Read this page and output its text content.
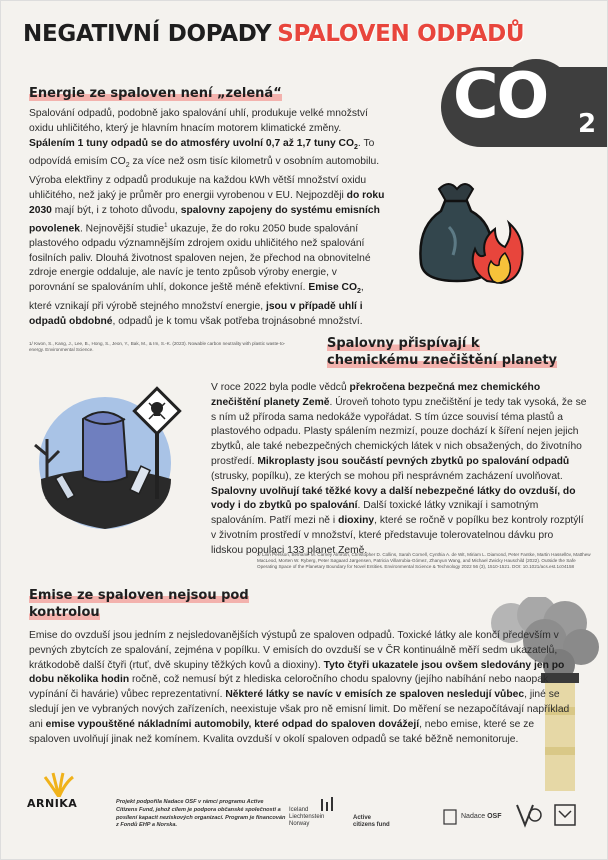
NEGATIVNÍ DOPADY SPALOVEN ODPADŮ
CO 2
Energie ze spaloven není „zelená“
Spalování odpadů, podobně jako spalování uhlí, produkuje velké množství oxidu uhličitého, který je hlavním hnacím motorem klimatické změny. Spálením 1 tuny odpadů se do atmosféry uvolní 0,7 až 1,7 tuny $CO_2$. To odpovídá emisím $CO_2$ za více než osm tisíc kilometrů v osobním automobilu. Výroba elektřiny z odpadů produkuje na každou kWh větší množství oxidu uhličitého, než jaký je průměr pro energii vyrobenou v EU. Nejpozději do roku 2030 mají být, i z tohoto důvodu, spalovny zapojeny do systému emisních povolenek. Nejnovější studie$^1$ ukazuje, že do roku 2050 bude spalování plastového odpadu významnějším zdrojem oxidu uhličitého než spalování fosilních paliv. Dlouhá životnost spaloven nejen, že přechod na obnovitelné zdroje energie oddaluje, ale navíc je tento způsob výroby energie, v porovnání se spalováním uhlí, dokonce ještě méně efektivní. Emise $CO_2$, které vznikají při výrobě stejného množství energie, jsou v případě uhlí i odpadů obdobné, odpadů je k tomu však potřeba trojnásobné množství.
1/ Kwon, S., Kang, J., Lee, B., Hong, S., Jeon, Y., Bak, M., & Im, S.-K. (2023). Nowable carbon neutrality with plastic waste-to-energy. Environmental Science.	Spalovny přispívají k
chemickému znečištění planety
V roce 2022 byla podle vědců překročena bezpečná mez chemického znečištění planety Země. Úroveň tohoto typu znečištění je tedy tak vysoká, že se s ním už příroda sama nedokáže vypořádat. S tím úzce souvisí téma plastů a plastového odpadu. Plasty spálením nezmizí, pouze dochází k šíření nejen jejich zbytků, ale také nebezpečných chemických látek v nich obsažených, do životního prostředí. Mikroplasty jsou součástí pevných zbytků po spalování odpadů (strusky, popílku), ze kterých se mohou při nesprávném zacházení uvolňovat. Spalovny uvolňují také těžké kovy a další nebezpečné látky do ovzduší, do vody i do zbytků po spalování. Další toxické látky vznikají i samotným spalováním. Patří mezi ně i dioxiny, které se ročně v popílku bez kontroly rozptýlí v životním prostředí v množství, které představuje tolerovatelnou dávku pro lidskou populaci 133 planet Země.
2/ Linn Persson, Bethanie M. Carney Almroth, Christopher D. Collins, Sarah Cornell, Cynthia A. de Wit, Miriam L. Diamond, Peter Fantke, Martin Hassellöv, Matthew MacLeod, Morten W. Ryberg, Peter Søgaard Jørgensen, Patricia Villarrubia-Gómez, Zhanyun Wang, and Michael Zwicky Hauschild (2022). Outside the Safe Operating Space of the Planetary Boundary for Novel Entities. Environmental Science & Technology 2022 56 (3), 1510-1521. DOI: 10.1021/acs.est.1c04158
Emise ze spaloven nejsou pod
kontrolou
Emise do ovzduší jsou jedním z nejsledovanějších výstupů ze spaloven odpadů. Toxické látky ale končí především v pevných zbytcích ze spalování, zejména v popílku. V emisích do ovzduší se v ČR kontinuálně měří sedm ukazatelů, krátkodobě další čtyři (rtuť, dvě skupiny těžkých kovů a dioxiny). Tyto čtyři ukazatele jsou ovšem sledovány jen po dobu několika hodin ročně, což nemusí být z hlediska celoročního chodu spalovny (jejího nabíhání nebo naopak vypínání či havárie) vůbec reprezentativní. Některé látky se navíc v emisích ze spaloven nesledují vůbec, jiné se sledují jen ve vybraných nových zařízeních, neexistuje však pro ně emisní limit. Do měření se nezapočítávají například ani emise vypouštěné nákladními automobily, které odpad do spaloven dovážejí, nebo emise, které se ze spaloven uvolňují jinak než komínem. Kvalita ovzduší v okolí spaloven odpadů se také běžně nemonitoruje.
ARNIKA	Projekt podpořila Nadace OSF v rámci programu Active Citizens Fund, jehož cílem je podpora občanské společnosti a posílení kapacit neziskových organizací. Program je financován z Fondů EHP a Norska.
Iceland
Liechtenstein
Norway
Active
citizens fund
Nadace OSF
